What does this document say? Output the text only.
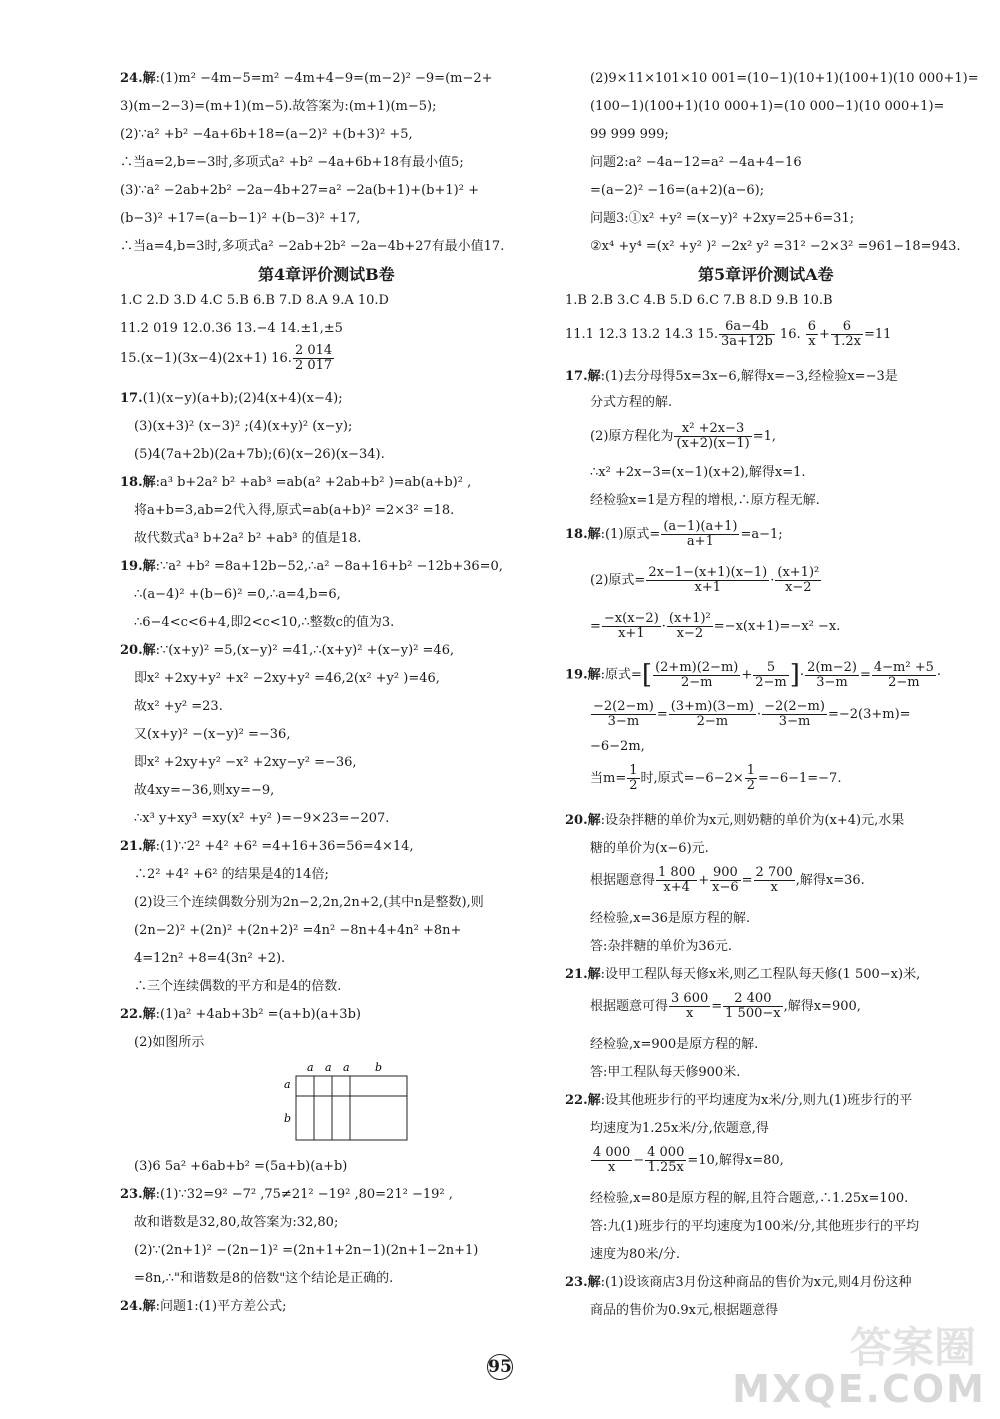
24.解:(1)m² −4m−5=m² −4m+4−9=(m−2)² −9=(m−2+
3)(m−2−3)=(m+1)(m−5).故答案为:(m+1)(m−5);
(2)∵a² +b² −4a+6b+18=(a−2)² +(b+3)² +5,
∴当a=2,b=−3时,多项式a² +b² −4a+6b+18有最小值5;
(3)∵a² −2ab+2b² −2a−4b+27=a² −2a(b+1)+(b+1)² +
(b−3)² +17=(a−b−1)² +(b−3)² +17,
∴当a=4,b=3时,多项式a² −2ab+2b² −2a−4b+27有最小值17.
第4章评价测试B卷
1.C 2.D 3.D 4.C 5.B 6.B 7.D 8.A 9.A 10.D
11.2 019 12.0.36 13.−4 14.±1,±5
15.(x−1)(3x−4)(2x+1) 16. $\frac{2 014}{2 017}$
17.(1)(x−y)(a+b);(2)4(x+4)(x−4);
(3)(x+3)² (x−3)² ;(4)(x+y)² (x−y);
(5)4(7a+2b)(2a+7b);(6)(x−26)(x−34).
18.解:a³ b+2a² b² +ab³ =ab(a² +2ab+b² )=ab(a+b)² ,
将a+b=3,ab=2代入得,原式=ab(a+b)² =2×3² =18.
故代数式a³ b+2a² b² +ab³ 的值是18.
19.解:∵a² +b² =8a+12b−52,∴a² −8a+16+b² −12b+36=0,
∴(a−4)² +(b−6)² =0,∴a=4,b=6,
∴6−4<c<6+4,即2<c<10,∴整数c的值为3.
20.解:∵(x+y)² =5,(x−y)² =41,∴(x+y)² +(x−y)² =46,
即x² +2xy+y² +x² −2xy+y² =46,2(x² +y² )=46,
故x² +y² =23.
又(x+y)² −(x−y)² =−36,
即x² +2xy+y² −x² +2xy−y² =−36,
故4xy=−36,则xy=−9,
∴x³ y+xy³ =xy(x² +y² )=−9×23=−207.
21.解:(1)∵2² +4² +6² =4+16+36=56=4×14,
∴2² +4² +6² 的结果是4的14倍;
(2)设三个连续偶数分别为2n−2,2n,2n+2,(其中n是整数),则
(2n−2)² +(2n)² +(2n+2)² =4n² −8n+4+4n² +8n+
4=12n² +8=4(3n² +2).
∴三个连续偶数的平方和是4的倍数.
22.解:(1)a² +4ab+3b² =(a+b)(a+3b)
(2)如图所示
a a a b
a
b
(3)6 5a² +6ab+b² =(5a+b)(a+b)
23.解:(1)∵32=9² −7² ,75≠21² −19² ,80=21² −19² ,
故和谐数是32,80,故答案为:32,80;
(2)∵(2n+1)² −(2n−1)² =(2n+1+2n−1)(2n+1−2n+1)
=8n,∴"和谐数是8的倍数"这个结论是正确的.
24.解:问题1:(1)平方差公式;
(2)9×11×101×10 001=(10−1)(10+1)(100+1)(10 000+1)=
(100−1)(100+1)(10 000+1)=(10 000−1)(10 000+1)=
99 999 999;
问题2:a² −4a−12=a² −4a+4−16
=(a−2)² −16=(a+2)(a−6);
问题3:①x² +y² =(x−y)² +2xy=25+6=31;
②x⁴ +y⁴ =(x² +y² )² −2x² y² =31² −2×3² =961−18=943.
第5章评价测试A卷
1.B 2.B 3.C 4.B 5.D 6.C 7.B 8.D 9.B 10.B
11.1 12.3 13.2 14.3 15. $\frac{6a-4b}{3a+12b} 16$. $\frac{6}{x} + \frac{6}{1.2x} =11$
17.解:(1)去分母得5x=3x−6,解得x=−3,经检验x=−3是
分式方程的解.
(2)原方程化为 $\frac{\text{x² +2x−3}}{(x+2)(x-1)} =1$,
∴x² +2x−3=(x−1)(x+2),解得x=1.
经检验x=1是方程的增根,∴原方程无解.
18.解:(1)原式= $\frac{(a-1)(a+1)}{a+1} =a-1$;
(2)原式= $\frac{2x-1-(x+1)(x-1)}{x+1} \cdot \frac{\text{(x+1)²}}{x-2}$
= $\frac{-x(x-2)}{x+1} \cdot \frac{\text{(x+1)²}}{x-2} =-x(x+1)=-x^2 -x$.
19.解:原式=[ $\frac{(2+m)(2-m)}{2-m} + \frac{5}{2-m}$ ]· $\frac{2(m-2)}{3-m} = \frac{\text{4−m² +5}}{2-m}$ ·
$\frac{-2(2-m)}{3-m} = \frac{(3+m)(3-m)}{2-m} \cdot \frac{-2(2-m)}{3-m} =-2(3+m)=$
−6−2m,
当$m= \frac{1}{2}$ 时,原式$=-6-2\times \frac{1}{2} =-6-1=-7$.
20.解:设杂拌糖的单价为x元,则奶糖的单价为(x+4)元,水果
糖的单价为(x−6)元.
根据题意得 $\frac{1 800}{x+4} + \frac{900}{x-6} = \frac{2 700}{x}$ ,解得x=36.
经检验,x=36是原方程的解.
答:杂拌糖的单价为36元.
21.解:设甲工程队每天修x米,则乙工程队每天修(1 500−x)米,
根据题意可得 $\frac{3 600}{x} = \frac{2 400}{1 500-x}$ ,解得x=900,
经检验,x=900是原方程的解.
答:甲工程队每天修900米.
22.解:设其他班步行的平均速度为x米/分,则九(1)班步行的平
均速度为1.25x米/分,依题意,得
$\frac{4 000}{x} - \frac{4 000}{1.25x} =10$,解得x=80,
经检验,x=80是原方程的解,且符合题意,∴1.25x=100.
答:九(1)班步行的平均速度为100米/分,其他班步行的平均
速度为80米/分.
23.解:(1)设该商店3月份这种商品的售价为x元,则4月份这种
商品的售价为0.9x元,根据题意得
95	答案圈
MXQE.COM
